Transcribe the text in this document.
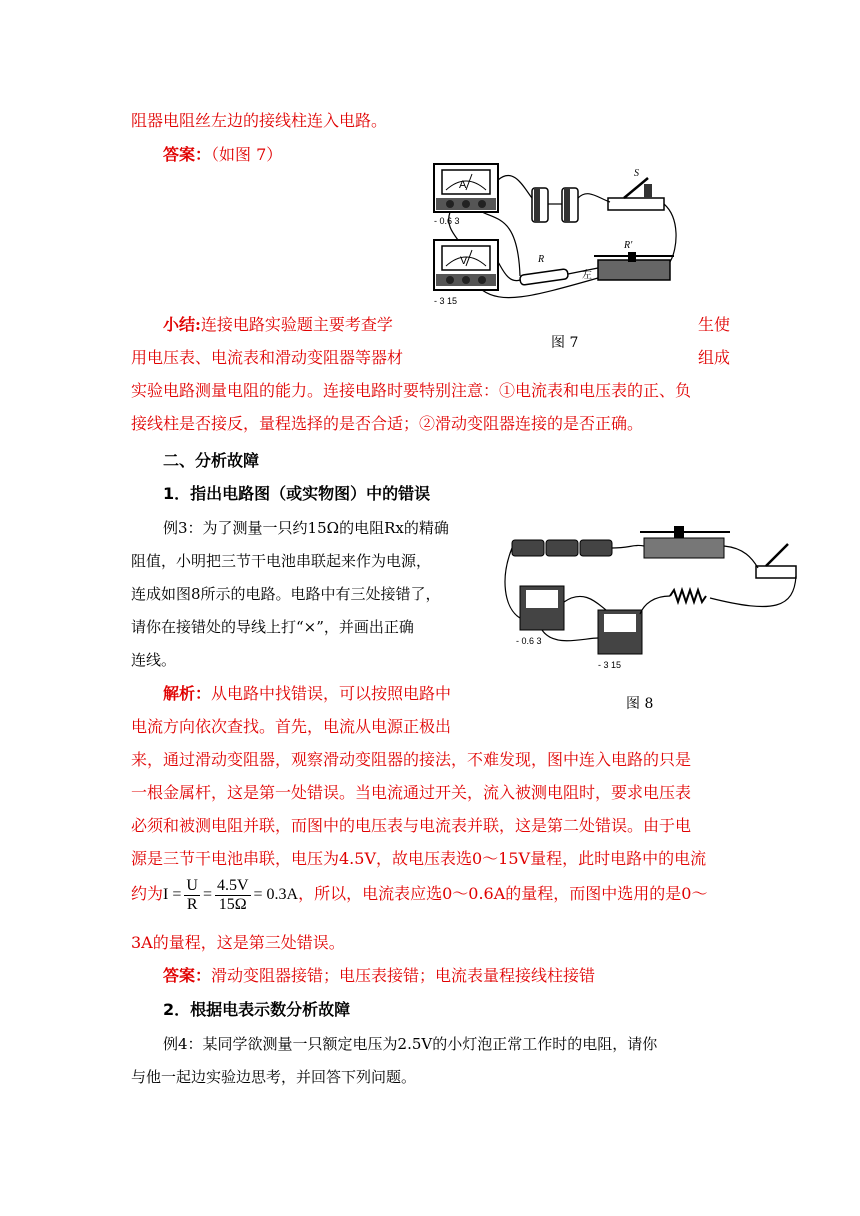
阻器电阻丝左边的接线柱连入电路。
答案：（如图 7）
A
- 0.6 3
V
- 3 15
S
R
R'
左
图 7
小结:连接电路实验题主要考查学	生使
用电压表、电流表和滑动变阻器等器材	组成
实验电路测量电阻的能力。连接电路时要特别注意：①电流表和电压表的正、负
接线柱是否接反，量程选择的是否合适；②滑动变阻器连接的是否正确。
二、分析故障
1．指出电路图（或实物图）中的错误
例3：为了测量一只约15Ω的电阻Rx的精确
阻值，小明把三节干电池串联起来作为电源，
连成如图8所示的电路。电路中有三处接错了，
请你在接错处的导线上打“×”，并画出正确
连线。
- 0.6 3
- 3 15
图 8
解析：从电路中找错误，可以按照电路中
电流方向依次查找。首先，电流从电源正极出
来，通过滑动变阻器，观察滑动变阻器的接法，不难发现，图中连入电路的只是
一根金属杆，这是第一处错误。当电流通过开关，流入被测电阻时，要求电压表
必须和被测电阻并联，而图中的电压表与电流表并联，这是第二处错误。由于电
源是三节干电池串联，电压为4.5V，故电压表选0～15V量程，此时电路中的电流
约为$I = \frac{U}{R} = \frac{4.5V}{15\Omega} = 0.3A$，所以，电流表应选0～0.6A的量程，而图中选用的是0～
3A的量程，这是第三处错误。
答案：滑动变阻器接错；电压表接错；电流表量程接线柱接错
2．根据电表示数分析故障
例4：某同学欲测量一只额定电压为2.5V的小灯泡正常工作时的电阻，请你
与他一起边实验边思考，并回答下列问题。
